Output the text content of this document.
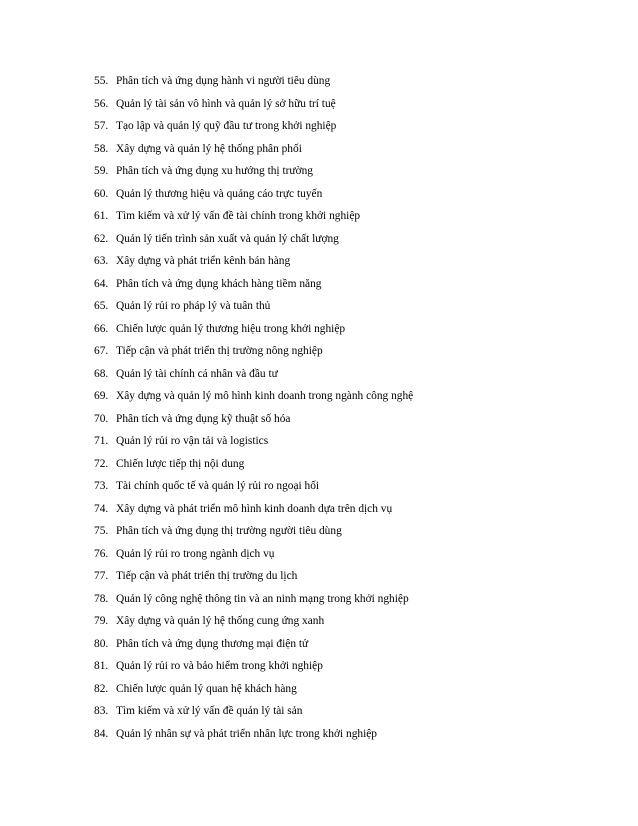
55. Phân tích và ứng dụng hành vi người tiêu dùng
56. Quản lý tài sản vô hình và quản lý sở hữu trí tuệ
57. Tạo lập và quản lý quỹ đầu tư trong khởi nghiệp
58. Xây dựng và quản lý hệ thống phân phối
59. Phân tích và ứng dụng xu hướng thị trường
60. Quản lý thương hiệu và quảng cáo trực tuyến
61. Tìm kiếm và xử lý vấn đề tài chính trong khởi nghiệp
62. Quản lý tiến trình sản xuất và quản lý chất lượng
63. Xây dựng và phát triển kênh bán hàng
64. Phân tích và ứng dụng khách hàng tiềm năng
65. Quản lý rủi ro pháp lý và tuân thủ
66. Chiến lược quản lý thương hiệu trong khởi nghiệp
67. Tiếp cận và phát triển thị trường nông nghiệp
68. Quản lý tài chính cá nhân và đầu tư
69. Xây dựng và quản lý mô hình kinh doanh trong ngành công nghệ
70. Phân tích và ứng dụng kỹ thuật số hóa
71. Quản lý rủi ro vận tải và logistics
72. Chiến lược tiếp thị nội dung
73. Tài chính quốc tế và quản lý rủi ro ngoại hối
74. Xây dựng và phát triển mô hình kinh doanh dựa trên dịch vụ
75. Phân tích và ứng dụng thị trường người tiêu dùng
76. Quản lý rủi ro trong ngành dịch vụ
77. Tiếp cận và phát triển thị trường du lịch
78. Quản lý công nghệ thông tin và an ninh mạng trong khởi nghiệp
79. Xây dựng và quản lý hệ thống cung ứng xanh
80. Phân tích và ứng dụng thương mại điện tử
81. Quản lý rủi ro và bảo hiểm trong khởi nghiệp
82. Chiến lược quản lý quan hệ khách hàng
83. Tìm kiếm và xử lý vấn đề quản lý tài sản
84. Quản lý nhân sự và phát triển nhân lực trong khởi nghiệp
